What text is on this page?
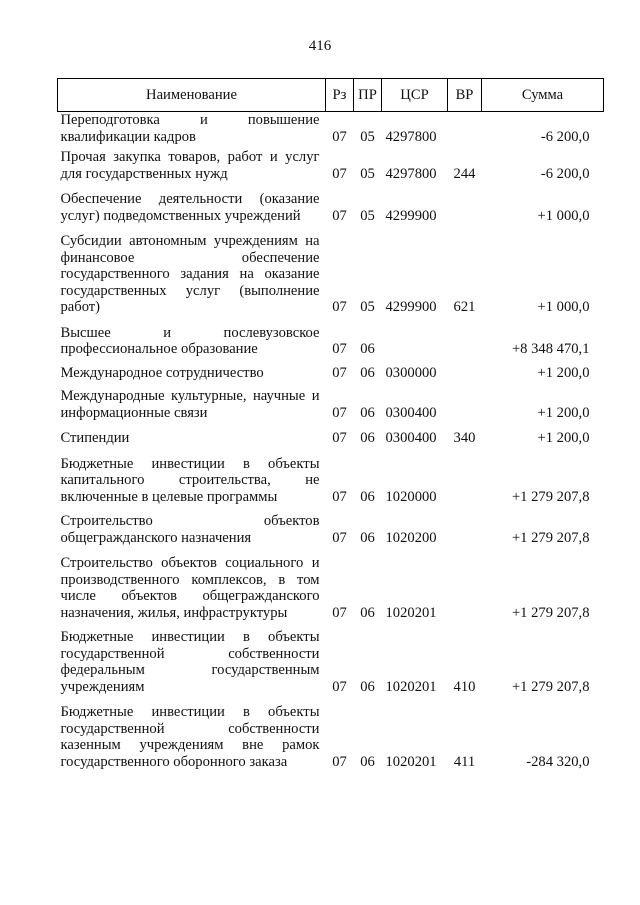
416
Наименование	Рз	ПР	ЦСР	ВР	Сумма
Переподготовка и повышение квалификации кадров	07	05	4297800		-6 200,0
Прочая закупка товаров, работ и услуг для государственных нужд	07	05	4297800	244	-6 200,0
Обеспечение деятельности (оказание услуг) подведомственных учреждений	07	05	4299900		+1 000,0
Субсидии автономным учреждениям на финансовое обеспечение государственного задания на оказание государственных услуг (выполнение работ)	07	05	4299900	621	+1 000,0
Высшее и послевузовское профессиональное образование	07	06			+8 348 470,1
Международное сотрудничество	07	06	0300000		+1 200,0
Международные культурные, научные и информационные связи	07	06	0300400		+1 200,0
Стипендии	07	06	0300400	340	+1 200,0
Бюджетные инвестиции в объекты капитального строительства, не включенные в целевые программы	07	06	1020000		+1 279 207,8
Строительство объектов общегражданского назначения	07	06	1020200		+1 279 207,8
Строительство объектов социального и производственного комплексов, в том числе объектов общегражданского назначения, жилья, инфраструктуры	07	06	1020201		+1 279 207,8
Бюджетные инвестиции в объекты государственной собственности федеральным государственным учреждениям	07	06	1020201	410	+1 279 207,8
Бюджетные инвестиции в объекты государственной собственности казенным учреждениям вне рамок государственного оборонного заказа	07	06	1020201	411	-284 320,0
